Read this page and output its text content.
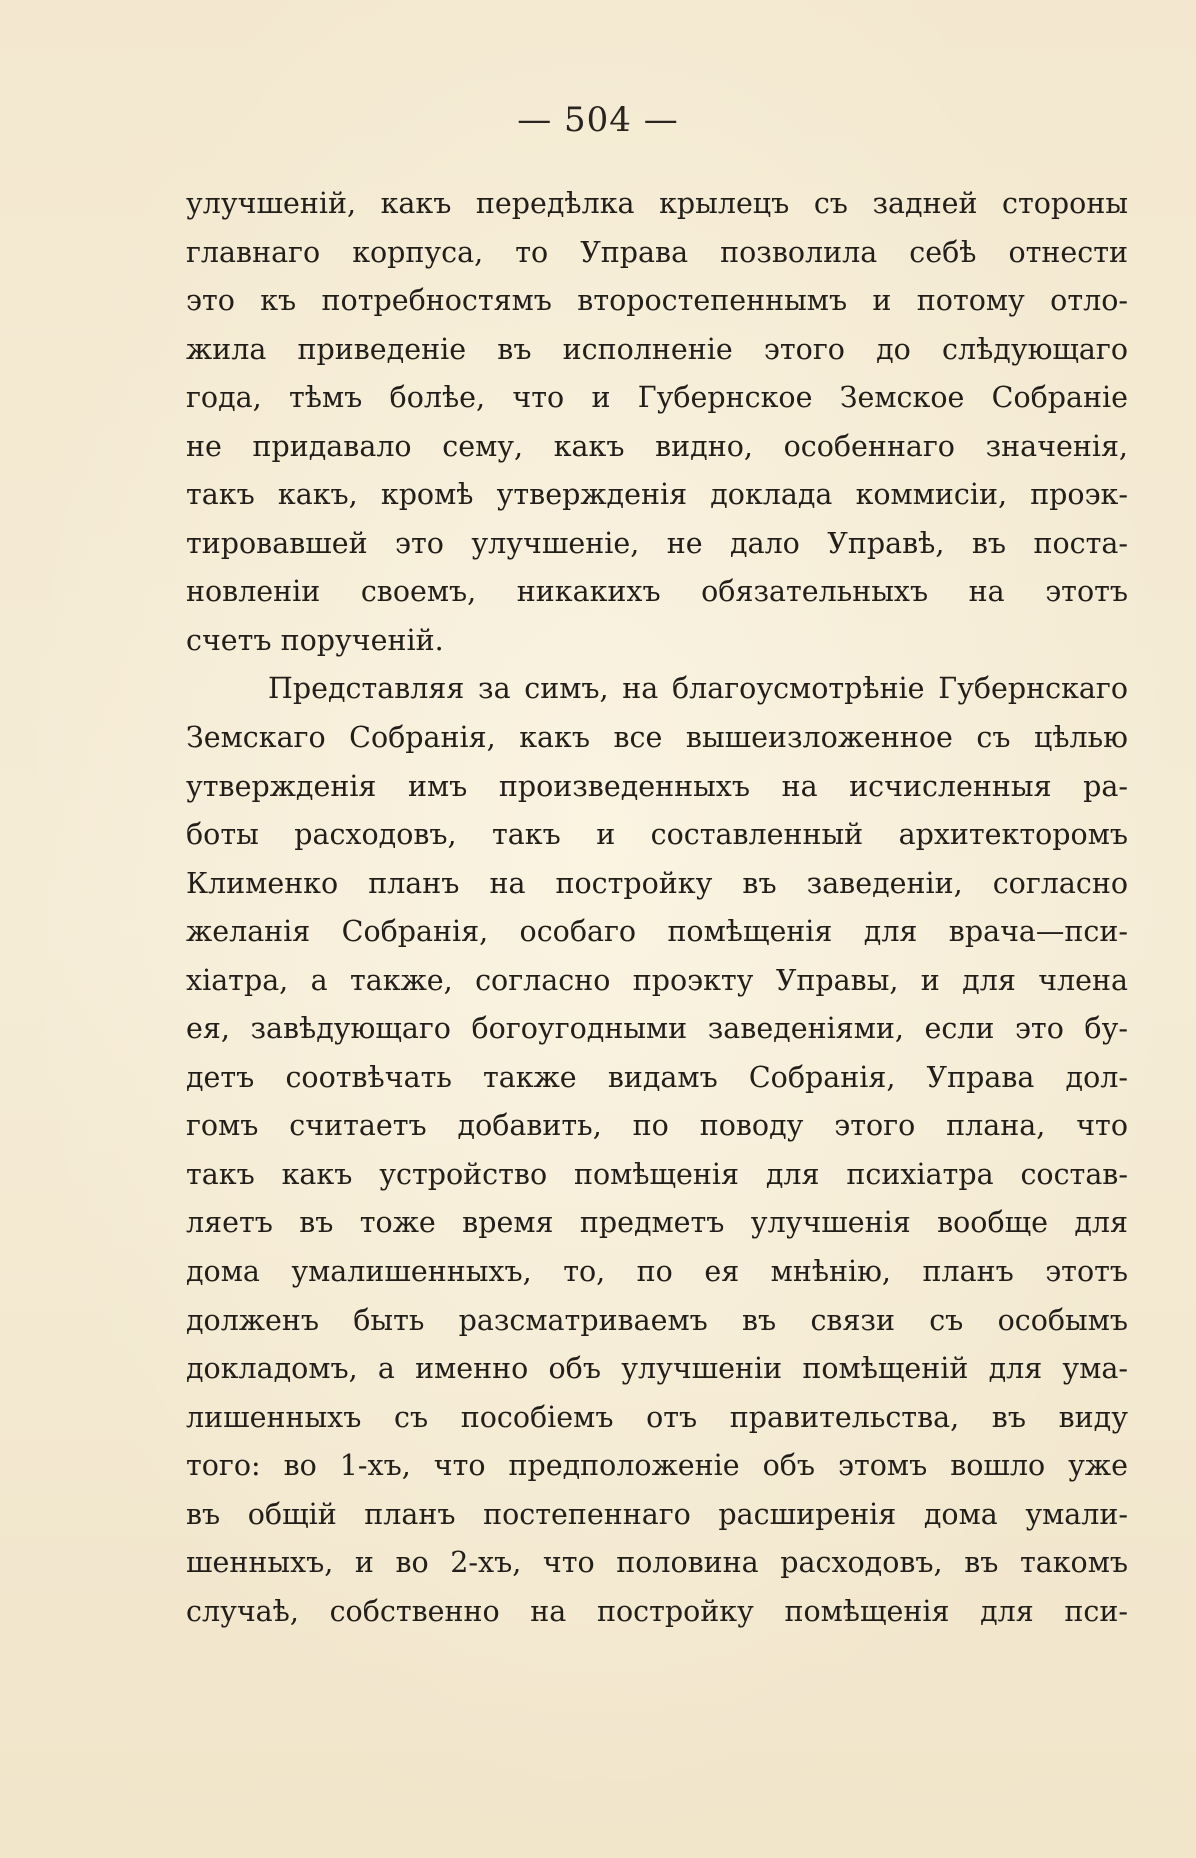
— 504 —
улучшеній, какъ передѣлка крылецъ съ задней стороны
главнаго корпуса, то Управа позволила себѣ отнести
это къ потребностямъ второстепеннымъ и потому отло-
жила приведеніе въ исполненіе этого до слѣдующаго
года, тѣмъ болѣе, что и Губернское Земское Собраніе
не придавало сему, какъ видно, особеннаго значенія,
такъ какъ, кромѣ утвержденія доклада коммисіи, проэк-
тировавшей это улучшеніе, не дало Управѣ, въ поста-
новленіи своемъ, никакихъ обязательныхъ на этотъ
счетъ порученій.
Представляя за симъ, на благоусмотрѣніе Губернскаго
Земскаго Собранія, какъ все вышеизложенное съ цѣлью
утвержденія имъ произведенныхъ на исчисленныя ра-
боты расходовъ, такъ и составленный архитекторомъ
Клименко планъ на постройку въ заведеніи, согласно
желанія Собранія, особаго помѣщенія для врача—пси-
хіатра, а также, согласно проэкту Управы, и для члена
ея, завѣдующаго богоугодными заведеніями, если это бу-
детъ соотвѣчать также видамъ Собранія, Управа дол-
гомъ считаетъ добавить, по поводу этого плана, что
такъ какъ устройство помѣщенія для психіатра состав-
ляетъ въ тоже время предметъ улучшенія вообще для
дома умалишенныхъ, то, по ея мнѣнію, планъ этотъ
долженъ быть разсматриваемъ въ связи съ особымъ
докладомъ, а именно объ улучшеніи помѣщеній для ума-
лишенныхъ съ пособіемъ отъ правительства, въ виду
того: во 1-хъ, что предположеніе объ этомъ вошло уже
въ общій планъ постепеннаго расширенія дома умали-
шенныхъ, и во 2-хъ, что половина расходовъ, въ такомъ
случаѣ, собственно на постройку помѣщенія для пси-
